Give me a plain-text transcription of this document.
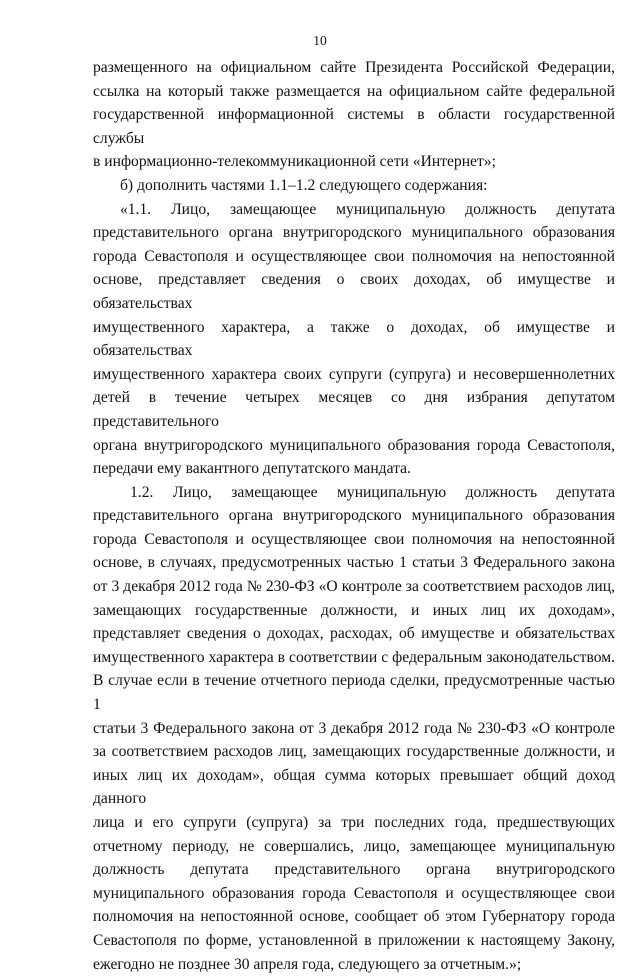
10

размещенного на официальном сайте Президента Российской Федерации,

ссылка на который также размещается на официальном сайте федеральной

государственной информационной системы в области государственной службы

в информационно-телекоммуникационной сети «Интернет»;

б) дополнить частями 1.1–1.2 следующего содержания:

«1.1. Лицо, замещающее муниципальную должность депутата

представительного органа внутригородского муниципального образования

города Севастополя и осуществляющее свои полномочия на непостоянной

основе, представляет сведения о своих доходах, об имуществе и обязательствах

имущественного характера, а также о доходах, об имуществе и обязательствах

имущественного характера своих супруги (супруга) и несовершеннолетних

детей в течение четырех месяцев со дня избрания депутатом представительного

органа внутригородского муниципального образования города Севастополя,

передачи ему вакантного депутатского мандата.

1.2. Лицо, замещающее муниципальную должность депутата

представительного органа внутригородского муниципального образования

города Севастополя и осуществляющее свои полномочия на непостоянной

основе, в случаях, предусмотренных частью 1 статьи 3 Федерального закона

от 3 декабря 2012 года № 230-ФЗ «О контроле за соответствием расходов лиц,

замещающих государственные должности, и иных лиц их доходам»,

представляет сведения о доходах, расходах, об имуществе и обязательствах

имущественного характера в соответствии с федеральным законодательством.

В случае если в течение отчетного периода сделки, предусмотренные частью 1

статьи 3 Федерального закона от 3 декабря 2012 года № 230-ФЗ «О контроле

за соответствием расходов лиц, замещающих государственные должности, и

иных лиц их доходам», общая сумма которых превышает общий доход данного

лица и его супруги (супруга) за три последних года, предшествующих

отчетному периоду, не совершались, лицо, замещающее муниципальную

должность депутата представительного органа внутригородского

муниципального образования города Севастополя и осуществляющее свои

полномочия на непостоянной основе, сообщает об этом Губернатору города

Севастополя по форме, установленной в приложении к настоящему Закону,

ежегодно не позднее 30 апреля года, следующего за отчетным.»;
